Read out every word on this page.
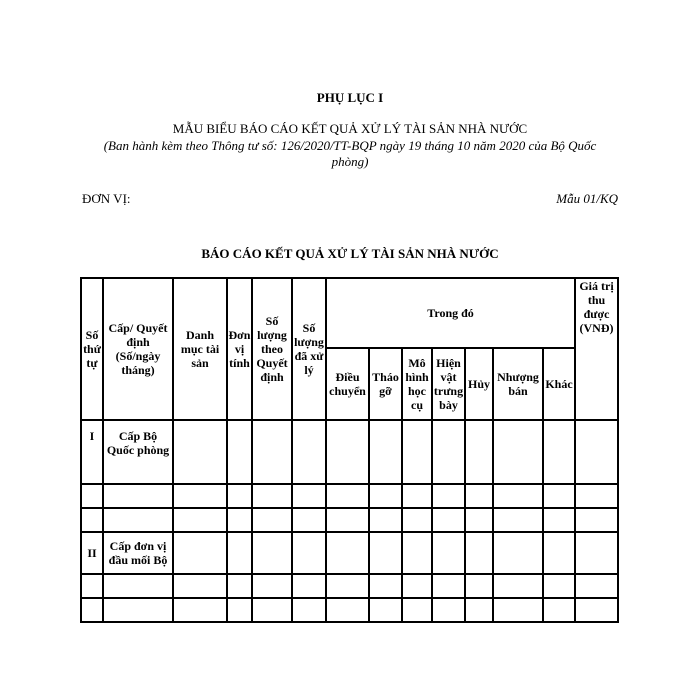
PHỤ LỤC I
MẪU BIỂU BÁO CÁO KẾT QUẢ XỬ LÝ TÀI SẢN NHÀ NƯỚC
(Ban hành kèm theo Thông tư số: 126/2020/TT-BQP ngày 19 tháng 10 năm 2020 của Bộ Quốc phòng)
ĐƠN VỊ:	Mẫu 01/KQ
BÁO CÁO KẾT QUẢ XỬ LÝ TÀI SẢN NHÀ NƯỚC
Số thứ tự	Cấp/ Quyết định (Số/ngày tháng)	Danh mục tài sản	Đơn vị tính	Số lượng theo Quyết định	Số lượng đã xử lý	Trong đó							Giá trị thu được (VNĐ)
						Điều chuyển	Tháo gỡ	Mô hình học cụ	Hiện vật trưng bày	Hủy	Nhượng bán	Khác	
I	Cấp Bộ Quốc phòng												

II	Cấp đơn vị đầu mối Bộ												
